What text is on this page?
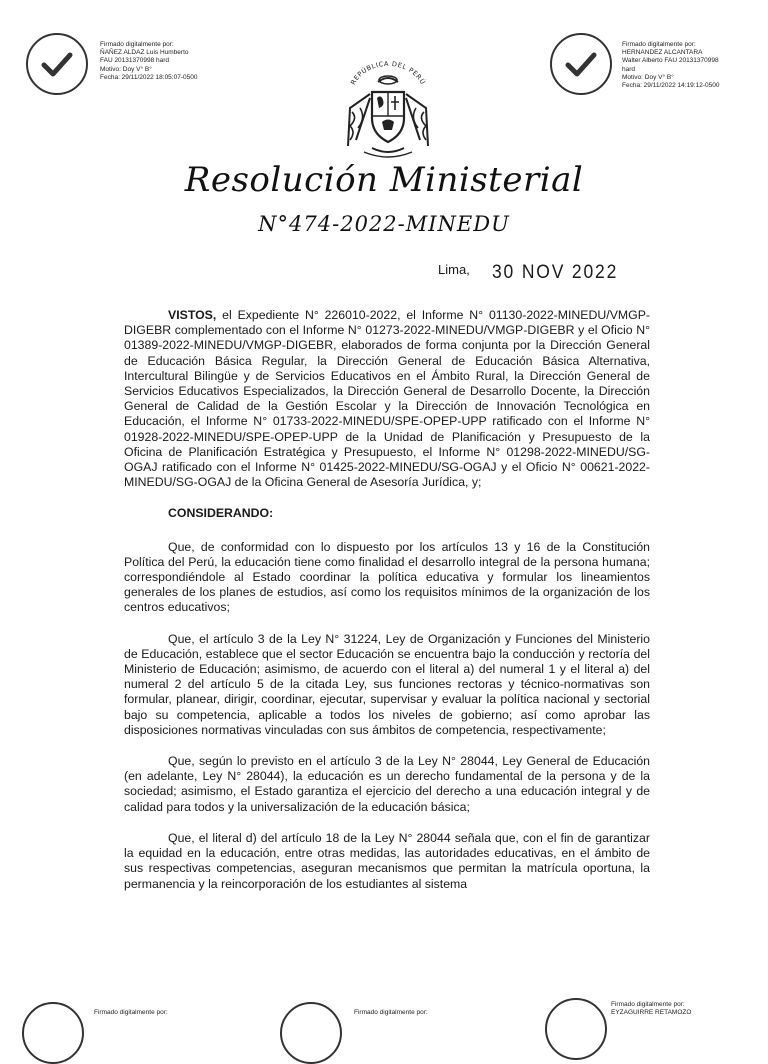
Firmado digitalmente por:
ÑAÑEZ ALDAZ Luis Humberto
FAU 20131370998 hard
Motivo: Doy V° B°
Fecha: 29/11/2022 18:05:07-0500
Firmado digitalmente por:
HERNANDEZ ALCANTARA
Walter Alberto FAU 20131370998
hard
Motivo: Doy V° B°
Fecha: 29/11/2022 14:19:12-0500
Firmado digitalmente por:	Firmado digitalmente por:
Firmado digitalmente por:
EYZAGUIRRE RETAMOZO
REPÚBLICA DEL PERÚ
Resolución Ministerial
N°474-2022-MINEDU
Lima, 30 NOV 2022

VISTOS, el Expediente N° 226010-2022, el Informe N° 01130-2022-MINEDU/VMGP-DIGEBR complementado con el Informe N° 01273-2022-MINEDU/VMGP-DIGEBR y el Oficio N° 01389-2022-MINEDU/VMGP-DIGEBR, elaborados de forma conjunta por la Dirección General de Educación Básica Regular, la Dirección General de Educación Básica Alternativa, Intercultural Bilingüe y de Servicios Educativos en el Ámbito Rural, la Dirección General de Servicios Educativos Especializados, la Dirección General de Desarrollo Docente, la Dirección General de Calidad de la Gestión Escolar y la Dirección de Innovación Tecnológica en Educación, el Informe N° 01733-2022-MINEDU/SPE-OPEP-UPP ratificado con el Informe N° 01928-2022-MINEDU/SPE-OPEP-UPP de la Unidad de Planificación y Presupuesto de la Oficina de Planificación Estratégica y Presupuesto, el Informe N° 01298-2022-MINEDU/SG-OGAJ ratificado con el Informe N° 01425-2022-MINEDU/SG-OGAJ y el Oficio N° 00621-2022-MINEDU/SG-OGAJ de la Oficina General de Asesoría Jurídica, y;

CONSIDERANDO:

Que, de conformidad con lo dispuesto por los artículos 13 y 16 de la Constitución Política del Perú, la educación tiene como finalidad el desarrollo integral de la persona humana; correspondiéndole al Estado coordinar la política educativa y formular los lineamientos generales de los planes de estudios, así como los requisitos mínimos de la organización de los centros educativos;

Que, el artículo 3 de la Ley N° 31224, Ley de Organización y Funciones del Ministerio de Educación, establece que el sector Educación se encuentra bajo la conducción y rectoría del Ministerio de Educación; asimismo, de acuerdo con el literal a) del numeral 1 y el literal a) del numeral 2 del artículo 5 de la citada Ley, sus funciones rectoras y técnico-normativas son formular, planear, dirigir, coordinar, ejecutar, supervisar y evaluar la política nacional y sectorial bajo su competencia, aplicable a todos los niveles de gobierno; así como aprobar las disposiciones normativas vinculadas con sus ámbitos de competencia, respectivamente;

Que, según lo previsto en el artículo 3 de la Ley N° 28044, Ley General de Educación (en adelante, Ley N° 28044), la educación es un derecho fundamental de la persona y de la sociedad; asimismo, el Estado garantiza el ejercicio del derecho a una educación integral y de calidad para todos y la universalización de la educación básica;

Que, el literal d) del artículo 18 de la Ley N° 28044 señala que, con el fin de garantizar la equidad en la educación, entre otras medidas, las autoridades educativas, en el ámbito de sus respectivas competencias, aseguran mecanismos que permitan la matrícula oportuna, la permanencia y la reincorporación de los estudiantes al sistema
